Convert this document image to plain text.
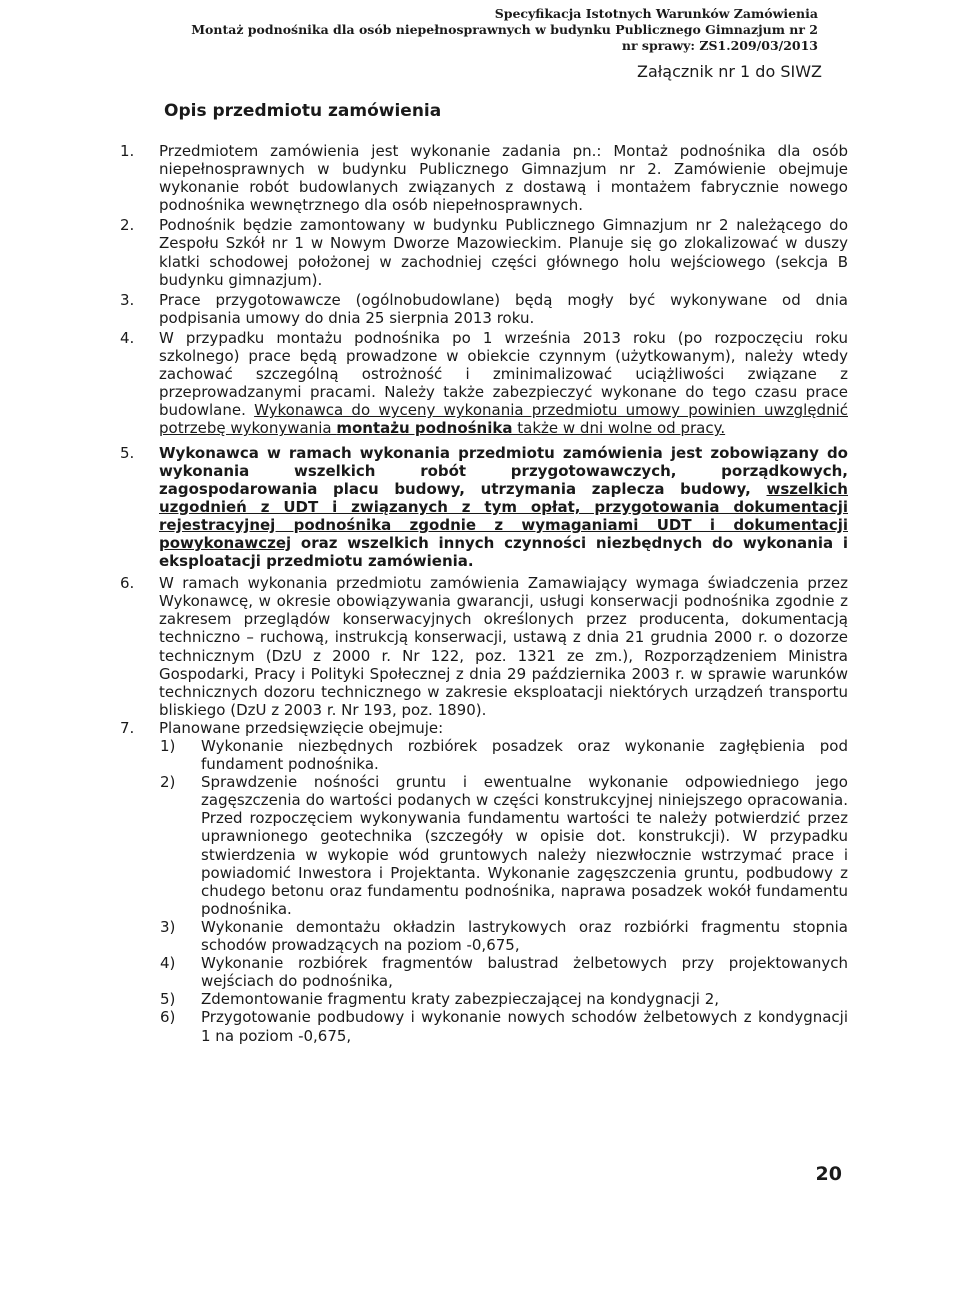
Specyfikacja Istotnych Warunków Zamówienia
Montaż podnośnika dla osób niepełnosprawnych w budynku Publicznego Gimnazjum nr 2
nr sprawy: ZS1.209/03/2013
Załącznik nr 1 do SIWZ
Opis przedmiotu zamówienia
1. Przedmiotem zamówienia jest wykonanie zadania pn.: Montaż podnośnika dla osób niepełnosprawnych w budynku Publicznego Gimnazjum nr 2. Zamówienie obejmuje wykonanie robót budowlanych związanych z dostawą i montażem fabrycznie nowego podnośnika wewnętrznego dla osób niepełnosprawnych.
2. Podnośnik będzie zamontowany w budynku Publicznego Gimnazjum nr 2 należącego do Zespołu Szkół nr 1 w Nowym Dworze Mazowieckim. Planuje się go zlokalizować w duszy klatki schodowej położonej w zachodniej części głównego holu wejściowego (sekcja B budynku gimnazjum).
3. Prace przygotowawcze (ogólnobudowlane) będą mogły być wykonywane od dnia podpisania umowy do dnia 25 sierpnia 2013 roku.
4. W przypadku montażu podnośnika po 1 września 2013 roku (po rozpoczęciu roku szkolnego) prace będą prowadzone w obiekcie czynnym (użytkowanym), należy wtedy zachować szczególną ostrożność i zminimalizować uciążliwości związane z przeprowadzanymi pracami. Należy także zabezpieczyć wykonane do tego czasu prace budowlane. Wykonawca do wyceny wykonania przedmiotu umowy powinien uwzględnić potrzebę wykonywania montażu podnośnika także w dni wolne od pracy.
5. Wykonawca w ramach wykonania przedmiotu zamówienia jest zobowiązany do wykonania wszelkich robót przygotowawczych, porządkowych, zagospodarowania placu budowy, utrzymania zaplecza budowy, wszelkich uzgodnień z UDT i związanych z tym opłat, przygotowania dokumentacji rejestracyjnej podnośnika zgodnie z wymaganiami UDT i dokumentacji powykonawczej oraz wszelkich innych czynności niezbędnych do wykonania i eksploatacji przedmiotu zamówienia.
6. W ramach wykonania przedmiotu zamówienia Zamawiający wymaga świadczenia przez Wykonawcę, w okresie obowiązywania gwarancji, usługi konserwacji podnośnika zgodnie z zakresem przeglądów konserwacyjnych określonych przez producenta, dokumentacją techniczno – ruchową, instrukcją konserwacji, ustawą z dnia 21 grudnia 2000 r. o dozorze technicznym (DzU z 2000 r. Nr 122, poz. 1321 ze zm.), Rozporządzeniem Ministra Gospodarki, Pracy i Polityki Społecznej z dnia 29 października 2003 r. w sprawie warunków technicznych dozoru technicznego w zakresie eksploatacji niektórych urządzeń transportu bliskiego (DzU z 2003 r. Nr 193, poz. 1890).
7. Planowane przedsięwzięcie obejmuje:
1) Wykonanie niezbędnych rozbiórek posadzek oraz wykonanie zagłębienia pod fundament podnośnika.
2) Sprawdzenie nośności gruntu i ewentualne wykonanie odpowiedniego jego zagęszczenia do wartości podanych w części konstrukcyjnej niniejszego opracowania. Przed rozpoczęciem wykonywania fundamentu wartości te należy potwierdzić przez uprawnionego geotechnika (szczegóły w opisie dot. konstrukcji). W przypadku stwierdzenia w wykopie wód gruntowych należy niezwłocznie wstrzymać prace i powiadomić Inwestora i Projektanta. Wykonanie zagęszczenia gruntu, podbudowy z chudego betonu oraz fundamentu podnośnika, naprawa posadzek wokół fundamentu podnośnika.
3) Wykonanie demontażu okładzin lastrykowych oraz rozbiórki fragmentu stopnia schodów prowadzących na poziom -0,675,
4) Wykonanie rozbiórek fragmentów balustrad żelbetowych przy projektowanych wejściach do podnośnika,
5) Zdemontowanie fragmentu kraty zabezpieczającej na kondygnacji 2,
6) Przygotowanie podbudowy i wykonanie nowych schodów żelbetowych z kondygnacji 1 na poziom -0,675,
20
